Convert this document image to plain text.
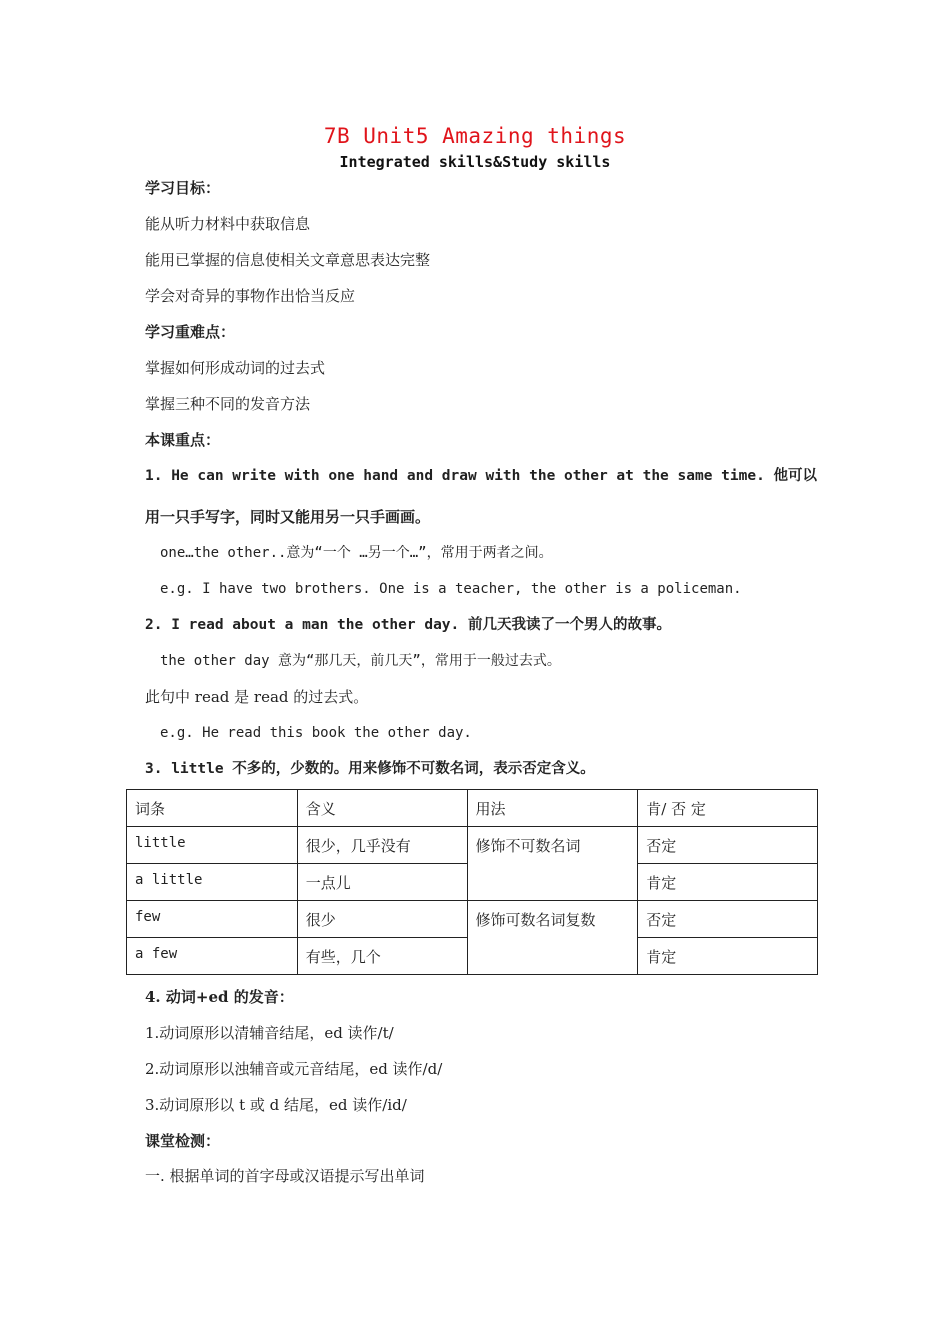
7B Unit5 Amazing things
Integrated skills&Study skills
学习目标：
能从听力材料中获取信息
能用已掌握的信息使相关文章意思表达完整
学会对奇异的事物作出恰当反应
学习重难点：
掌握如何形成动词的过去式
掌握三种不同的发音方法
本课重点：
1. He can write with one hand and draw with the other at the same time. 他可以
用一只手写字，同时又能用另一只手画画。
one…the other..意为“一个 …另一个…”，常用于两者之间。
e.g. I have two brothers. One is a teacher, the other is a policeman.
2. I read about a man the other day. 前几天我读了一个男人的故事。
the other day 意为“那几天，前几天”，常用于一般过去式。
此句中 read 是 read 的过去式。
e.g. He read this book the other day.
3. little 不多的，少数的。用来修饰不可数名词，表示否定含义。
词条	含义	用法	肯/ 否 定
little	很少，几乎没有	修饰不可数名词	否定
a little	一点儿		肯定
few	很少	修饰可数名词复数	否定
a few	有些，几个		肯定
4. 动词+ed 的发音：
1.动词原形以清辅音结尾，ed 读作/t/
2.动词原形以浊辅音或元音结尾，ed 读作/d/
3.动词原形以 t 或 d 结尾，ed 读作/id/
课堂检测：
一. 根据单词的首字母或汉语提示写出单词
